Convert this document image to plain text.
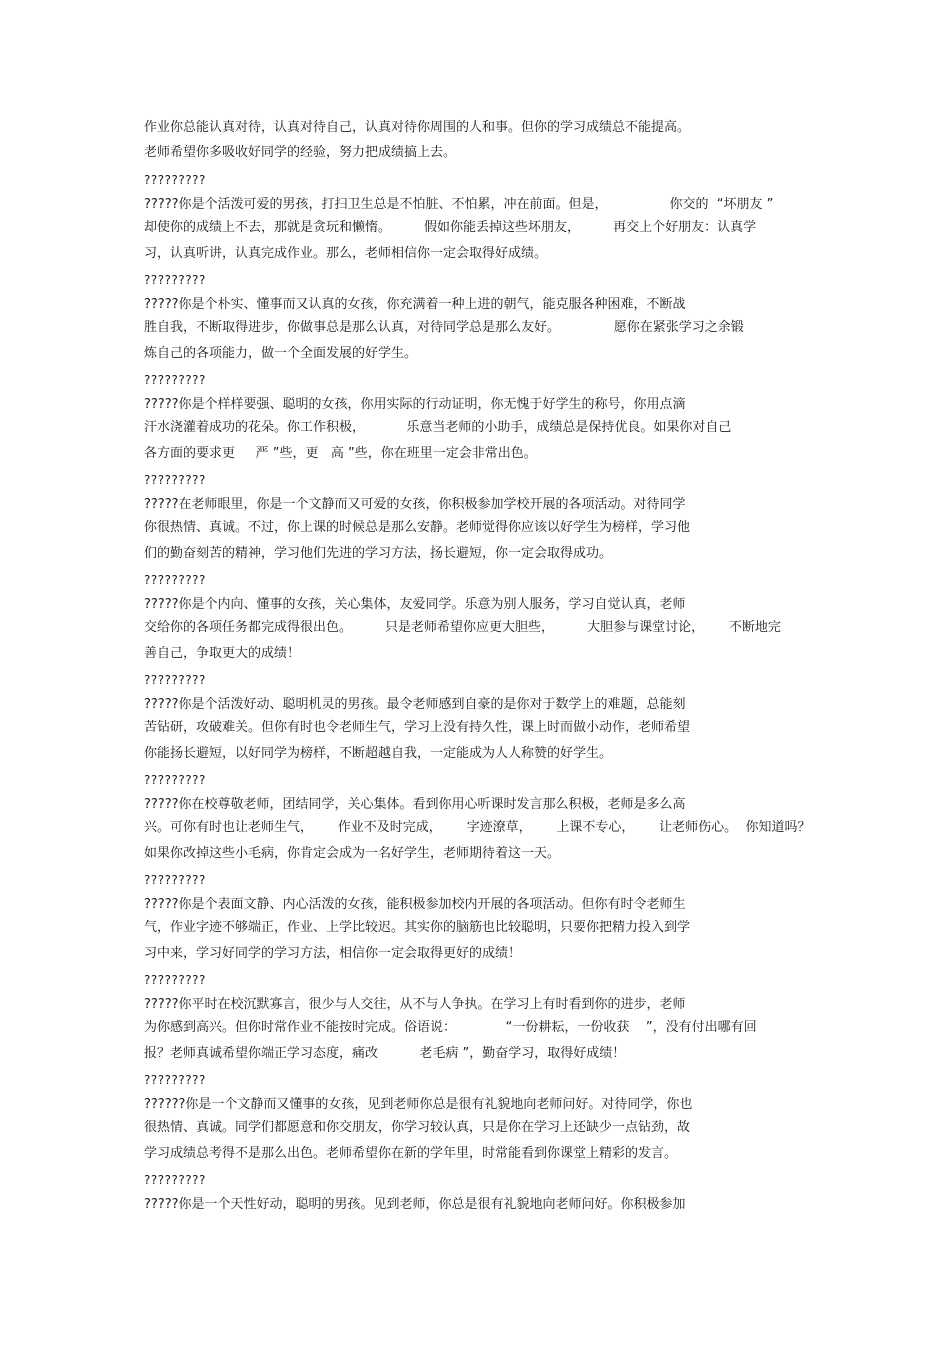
作业你总能认真对待，认真对待自己，认真对待你周围的人和事。但你的学习成绩总不能提高。
老师希望你多吸收好同学的经验，努力把成绩搞上去。
?????????
?????你是个活泼可爱的男孩，打扫卫生总是不怕脏、不怕累，冲在前面。但是，               你交的  “坏朋友 ”
却使你的成绩上不去，那就是贪玩和懒惰。        假如你能丢掉这些坏朋友，        再交上个好朋友：认真学
习，认真听讲，认真完成作业。那么，老师相信你一定会取得好成绩。
?????????
?????你是个朴实、懂事而又认真的女孩，你充满着一种上进的朝气，能克服各种困难，不断战
胜自我，不断取得进步，你做事总是那么认真，对待同学总是那么友好。             愿你在紧张学习之余锻
炼自己的各项能力，做一个全面发展的好学生。
?????????
?????你是个样样要强、聪明的女孩，你用实际的行动证明，你无愧于好学生的称号，你用点滴
汗水浇灌着成功的花朵。你工作积极，          乐意当老师的小助手，成绩总是保持优良。如果你对自己
各方面的要求更     严 ”些，更   高 ”些，你在班里一定会非常出色。
?????????
?????在老师眼里，你是一个文静而又可爱的女孩，你积极参加学校开展的各项活动。对待同学
你很热情、真诚。不过，你上课的时候总是那么安静。老师觉得你应该以好学生为榜样，学习他
们的勤奋刻苦的精神，学习他们先进的学习方法，扬长避短，你一定会取得成功。
?????????
?????你是个内向、懂事的女孩，关心集体，友爱同学。乐意为别人服务，学习自觉认真，老师
交给你的各项任务都完成得很出色。        只是老师希望你应更大胆些，        大胆参与课堂讨论，      不断地完
善自己，争取更大的成绩！
?????????
?????你是个活泼好动、聪明机灵的男孩。最令老师感到自豪的是你对于数学上的难题，总能刻
苦钻研，攻破难关。但你有时也令老师生气，学习上没有持久性，课上时而做小动作，老师希望
你能扬长避短，以好同学为榜样，不断超越自我，一定能成为人人称赞的好学生。
?????????
?????你在校尊敬老师，团结同学，关心集体。看到你用心听课时发言那么积极，老师是多么高
兴。可你有时也让老师生气，      作业不及时完成，      字迹潦草，      上课不专心，      让老师伤心。  你知道吗？
如果你改掉这些小毛病，你肯定会成为一名好学生，老师期待着这一天。
?????????
?????你是个表面文静、内心活泼的女孩，能积极参加校内开展的各项活动。但你有时令老师生
气，作业字迹不够端正，作业、上学比较迟。其实你的脑筋也比较聪明，只要你把精力投入到学
习中来，学习好同学的学习方法，相信你一定会取得更好的成绩！
?????????
?????你平时在校沉默寡言，很少与人交往，从不与人争执。在学习上有时看到你的进步，老师
为你感到高兴。但你时常作业不能按时完成。俗语说：            “一份耕耘，一份收获    ”，没有付出哪有回
报？老师真诚希望你端正学习态度，痛改          老毛病 ”，勤奋学习，取得好成绩！
?????????
??????你是一个文静而又懂事的女孩，见到老师你总是很有礼貌地向老师问好。对待同学，你也
很热情、真诚。同学们都愿意和你交朋友，你学习较认真，只是你在学习上还缺少一点钻劲，故
学习成绩总考得不是那么出色。老师希望你在新的学年里，时常能看到你课堂上精彩的发言。
?????????
?????你是一个天性好动，聪明的男孩。见到老师，你总是很有礼貌地向老师问好。你积极参加
